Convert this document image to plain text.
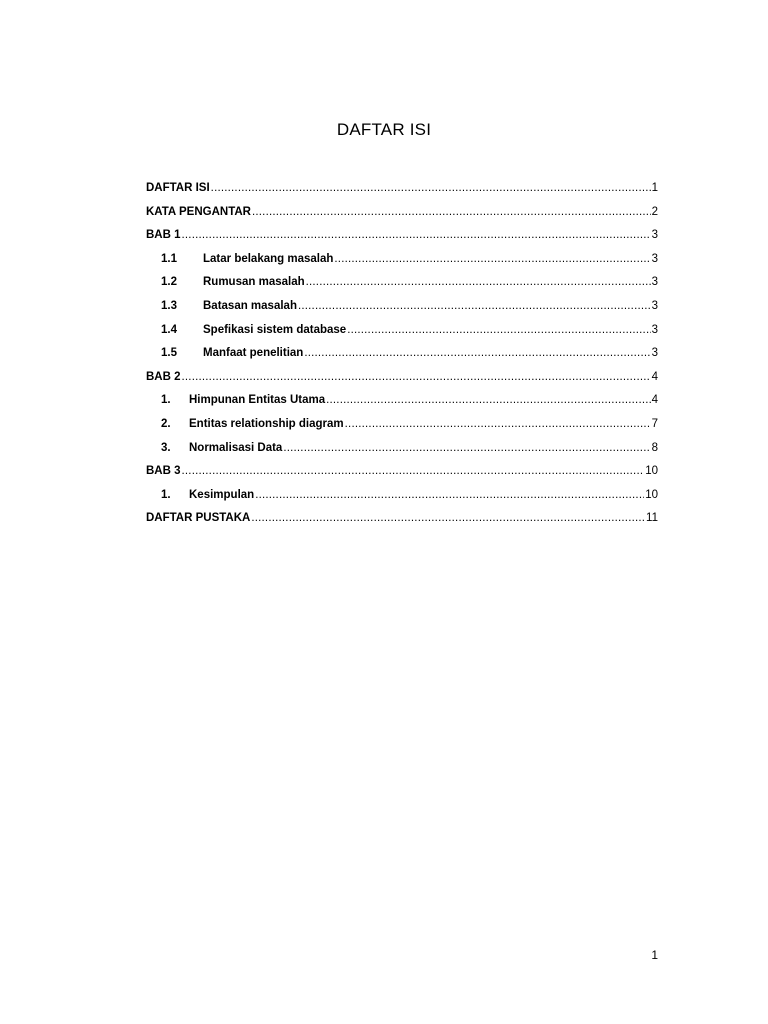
DAFTAR ISI
DAFTAR ISI .....	1
KATA PENGANTAR .....	2
BAB 1 .....	3
1.1	Latar belakang masalah .....	3
1.2	Rumusan masalah .....	3
1.3	Batasan masalah .....	3
1.4	Spefikasi sistem database .....	3
1.5	Manfaat penelitian .....	3
BAB 2 .....	4
1.	Himpunan Entitas Utama .....	4
2.	Entitas relationship diagram .....	7
3.	Normalisasi Data .....	8
BAB 3 .....	10
1.	Kesimpulan .....	10
DAFTAR PUSTAKA .....	11
1
